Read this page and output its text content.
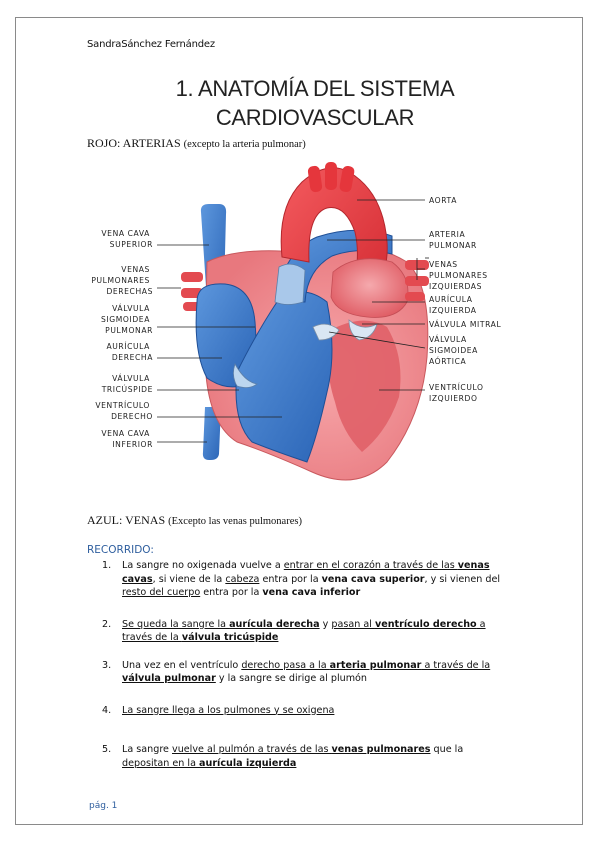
SandraSánchez Fernández
1. ANATOMÍA DEL SISTEMA
CARDIOVASCULAR
ROJO: ARTERIAS (excepto la arteria pulmonar)
VENA CAVA SUPERIOR
VENAS PULMONARES DERECHAS
VÁLVULA SIGMOIDEA PULMONAR
AURÍCULA DERECHA
VÁLVULA TRICÚSPIDE
VENTRÍCULO DERECHO
VENA CAVA INFERIOR
AORTA
ARTERIA PULMONAR
VENAS PULMONARES IZQUIERDAS
AURÍCULA IZQUIERDA
VÁLVULA MITRAL
VÁLVULA SIGMOIDEA AÓRTICA
VENTRÍCULO IZQUIERDO
AZUL: VENAS (Excepto las venas pulmonares)
RECORRIDO:
1. La sangre no oxigenada vuelve a entrar en el corazón a través de las venas cavas, si viene de la cabeza entra por la vena cava superior, y si vienen del resto del cuerpo entra por la vena cava inferior
2. Se queda la sangre la aurícula derecha y pasan al ventrículo derecho a través de la válvula tricúspide
3. Una vez en el ventrículo derecho pasa a la arteria pulmonar a través de la válvula pulmonar y la sangre se dirige al plumón
4. La sangre llega a los pulmones y se oxigena
5. La sangre vuelve al pulmón a través de las venas pulmonares que la depositan en la aurícula izquierda
pág. 1
